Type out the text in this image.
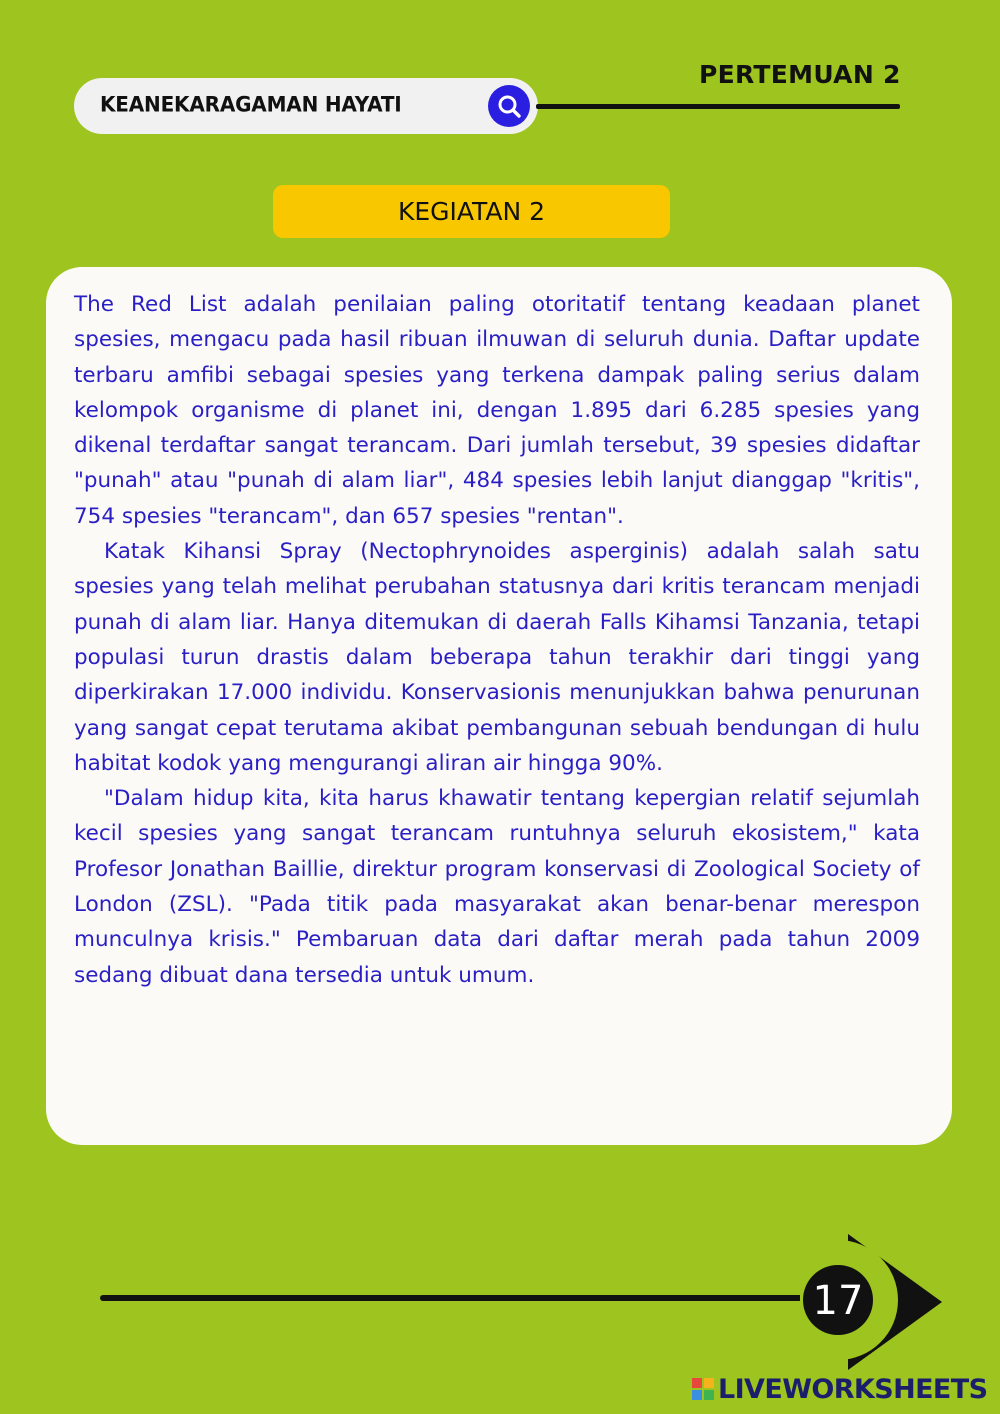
KEANEKARAGAMAN HAYATI
PERTEMUAN 2
KEGIATAN 2

The Red List adalah penilaian paling otoritatif tentang keadaan planet spesies, mengacu pada hasil ribuan ilmuwan di seluruh dunia. Daftar update terbaru amfibi sebagai spesies yang terkena dampak paling serius dalam kelompok organisme di planet ini, dengan 1.895 dari 6.285 spesies yang dikenal terdaftar sangat terancam. Dari jumlah tersebut, 39 spesies didaftar "punah" atau "punah di alam liar", 484 spesies lebih lanjut dianggap "kritis", 754 spesies "terancam", dan 657 spesies "rentan".

Katak Kihansi Spray (Nectophrynoides asperginis) adalah salah satu spesies yang telah melihat perubahan statusnya dari kritis terancam menjadi punah di alam liar. Hanya ditemukan di daerah Falls Kihamsi Tanzania, tetapi populasi turun drastis dalam beberapa tahun terakhir dari tinggi yang diperkirakan 17.000 individu. Konservasionis menunjukkan bahwa penurunan yang sangat cepat terutama akibat pembangunan sebuah bendungan di hulu habitat kodok yang mengurangi aliran air hingga 90%.

"Dalam hidup kita, kita harus khawatir tentang kepergian relatif sejumlah kecil spesies yang sangat terancam runtuhnya seluruh ekosistem," kata Profesor Jonathan Baillie, direktur program konservasi di Zoological Society of London (ZSL). "Pada titik pada masyarakat akan benar-benar merespon munculnya krisis." Pembaruan data dari daftar merah pada tahun 2009 sedang dibuat dana tersedia untuk umum.

17
LIVEWORKSHEETS
